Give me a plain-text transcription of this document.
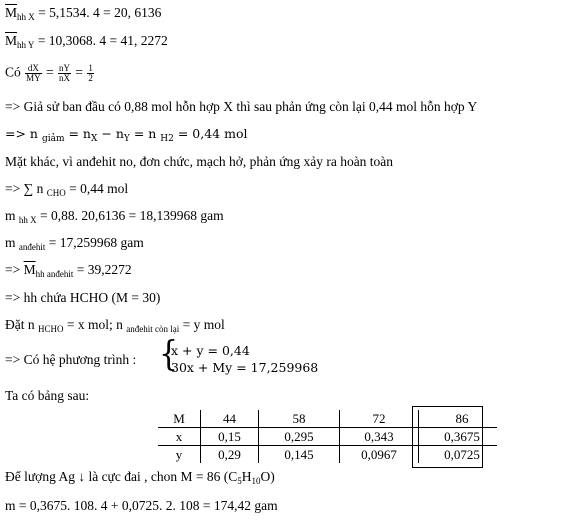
$\overline{M}_{hh X} = 5,1534$. 4 = 20, 6136
$\overline{M}_{hh Y} = 10,3068$. 4 = 41, 2272
Có $\frac{dX}{MY} = \frac{nY}{nX} = \frac{1}{2}$
=> Giả sử ban đầu có 0,88 mol hỗn hợp X thì sau phản ứng còn lại 0,44 mol hỗn hợp Y
=> n $_{giảm} = n_X - n_Y = n$ $_{H2}$ = 0,44 mol
Mặt khác, vì anđehit no, đơn chức, mạch hở, phản ứng xảy ra hoàn toàn
=> ∑ n $_{CHO}$ = 0,44 mol
m $_{hh X}$ = 0,88. 20,6136 = 18,139968 gam
m $_{anđehit}$ = 17,259968 gam
=> $\overline{M}_{hh anđehit} = 39,2272$
=> hh chứa HCHO (M = 30)
Đặt n $_{HCHO}$ = x mol; n $_{anđehit còn lại}$ = y mol
=> Có hệ phương trình : {
x + y = 0,44
30x + My = 17,259968
Ta có bảng sau:
M	44	58	72		86
x	0,15	0,295	0,343		0,3675
y	0,29	0,145	0,0967		0,0725
Để lượng Ag ↓ là cực đai , chon M = 86 $(C_5H_{10}O)$
m = 0,3675. 108. 4 + 0,0725. 2. 108 = 174,42 gam
